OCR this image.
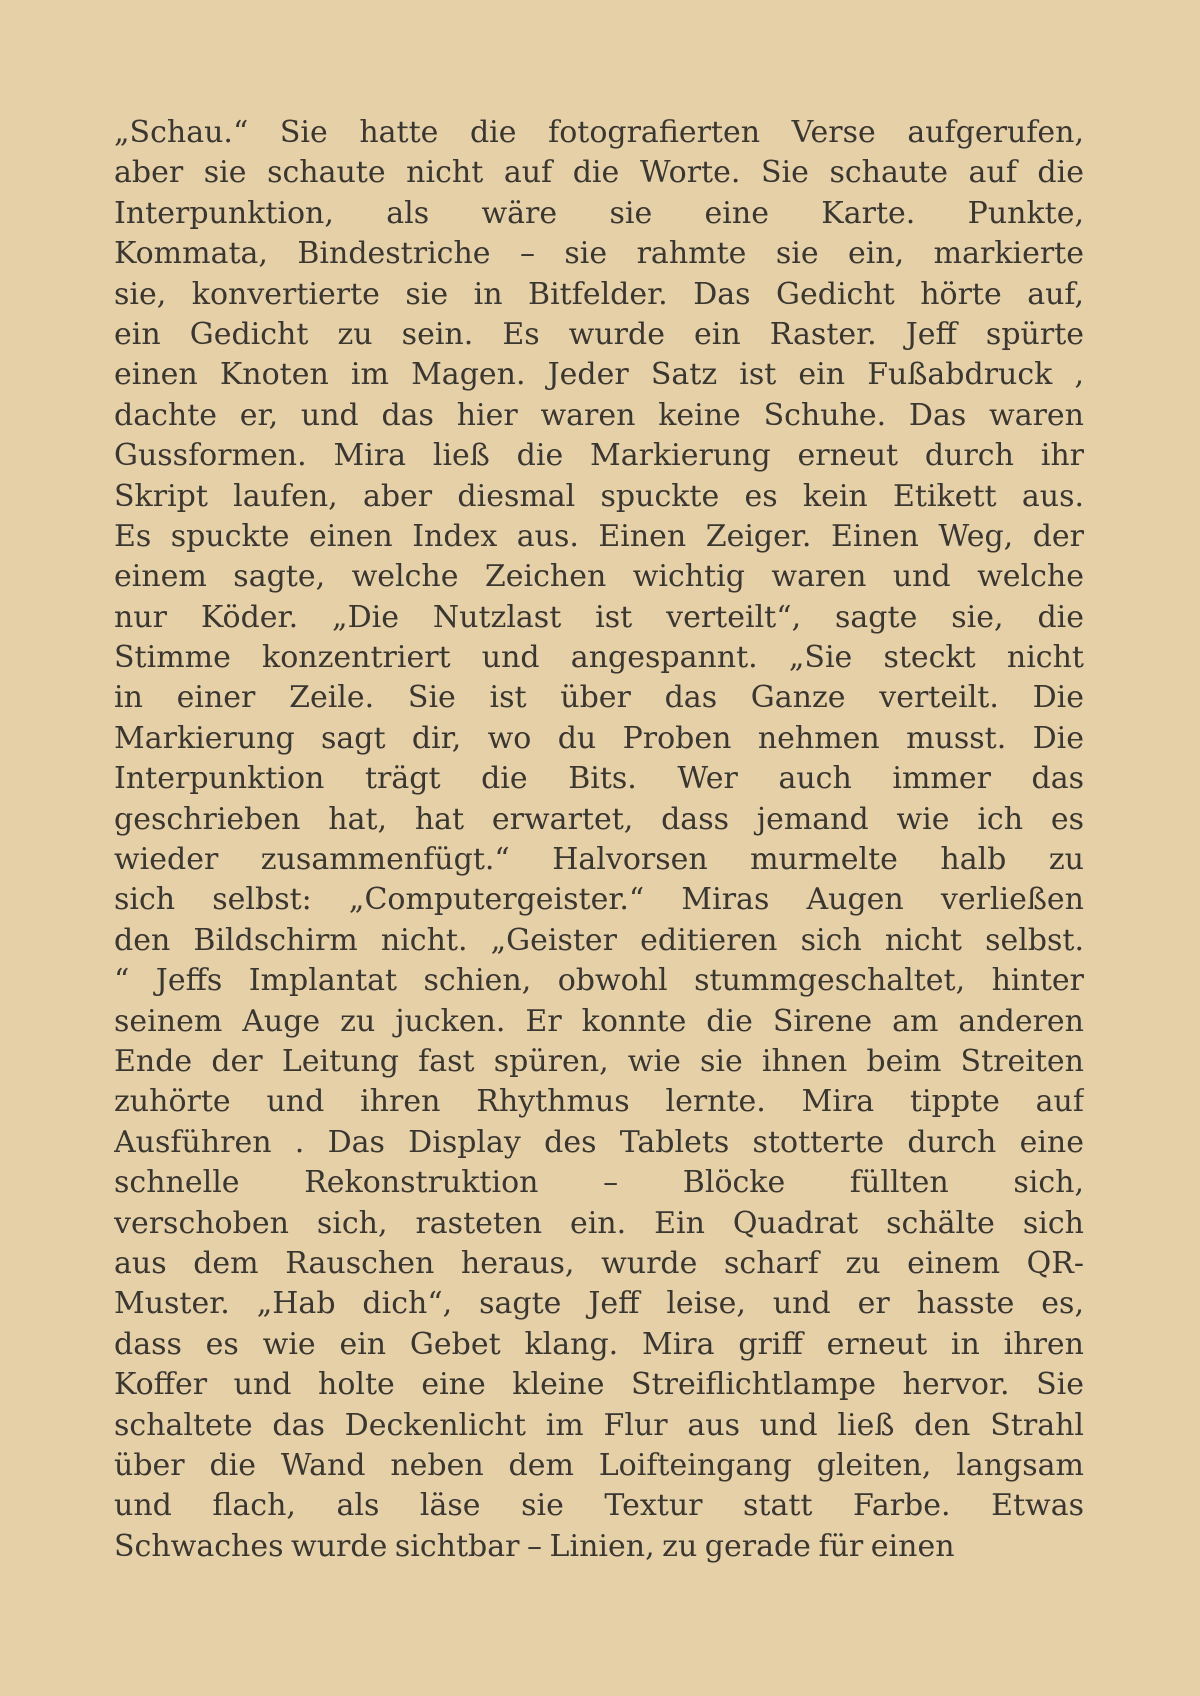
„Schau.“ Sie hatte die fotografierten Verse aufgerufen,
aber sie schaute nicht auf die Worte. Sie schaute auf die
Interpunktion, als wäre sie eine Karte. Punkte,
Kommata, Bindestriche – sie rahmte sie ein, markierte
sie, konvertierte sie in Bitfelder. Das Gedicht hörte auf,
ein Gedicht zu sein. Es wurde ein Raster. Jeff spürte
einen Knoten im Magen. Jeder Satz ist ein Fußabdruck ,
dachte er, und das hier waren keine Schuhe. Das waren
Gussformen. Mira ließ die Markierung erneut durch ihr
Skript laufen, aber diesmal spuckte es kein Etikett aus.
Es spuckte einen Index aus. Einen Zeiger. Einen Weg, der
einem sagte, welche Zeichen wichtig waren und welche
nur Köder. „Die Nutzlast ist verteilt“, sagte sie, die
Stimme konzentriert und angespannt. „Sie steckt nicht
in einer Zeile. Sie ist über das Ganze verteilt. Die
Markierung sagt dir, wo du Proben nehmen musst. Die
Interpunktion trägt die Bits. Wer auch immer das
geschrieben hat, hat erwartet, dass jemand wie ich es
wieder zusammenfügt.“ Halvorsen murmelte halb zu
sich selbst: „Computergeister.“ Miras Augen verließen
den Bildschirm nicht. „Geister editieren sich nicht selbst.
“ Jeffs Implantat schien, obwohl stummgeschaltet, hinter
seinem Auge zu jucken. Er konnte die Sirene am anderen
Ende der Leitung fast spüren, wie sie ihnen beim Streiten
zuhörte und ihren Rhythmus lernte. Mira tippte auf
Ausführen . Das Display des Tablets stotterte durch eine
schnelle Rekonstruktion – Blöcke füllten sich,
verschoben sich, rasteten ein. Ein Quadrat schälte sich
aus dem Rauschen heraus, wurde scharf zu einem QR-
Muster. „Hab dich“, sagte Jeff leise, und er hasste es,
dass es wie ein Gebet klang. Mira griff erneut in ihren
Koffer und holte eine kleine Streiflichtlampe hervor. Sie
schaltete das Deckenlicht im Flur aus und ließ den Strahl
über die Wand neben dem Loifteingang gleiten, langsam
und flach, als läse sie Textur statt Farbe. Etwas
Schwaches wurde sichtbar – Linien, zu gerade für einen
